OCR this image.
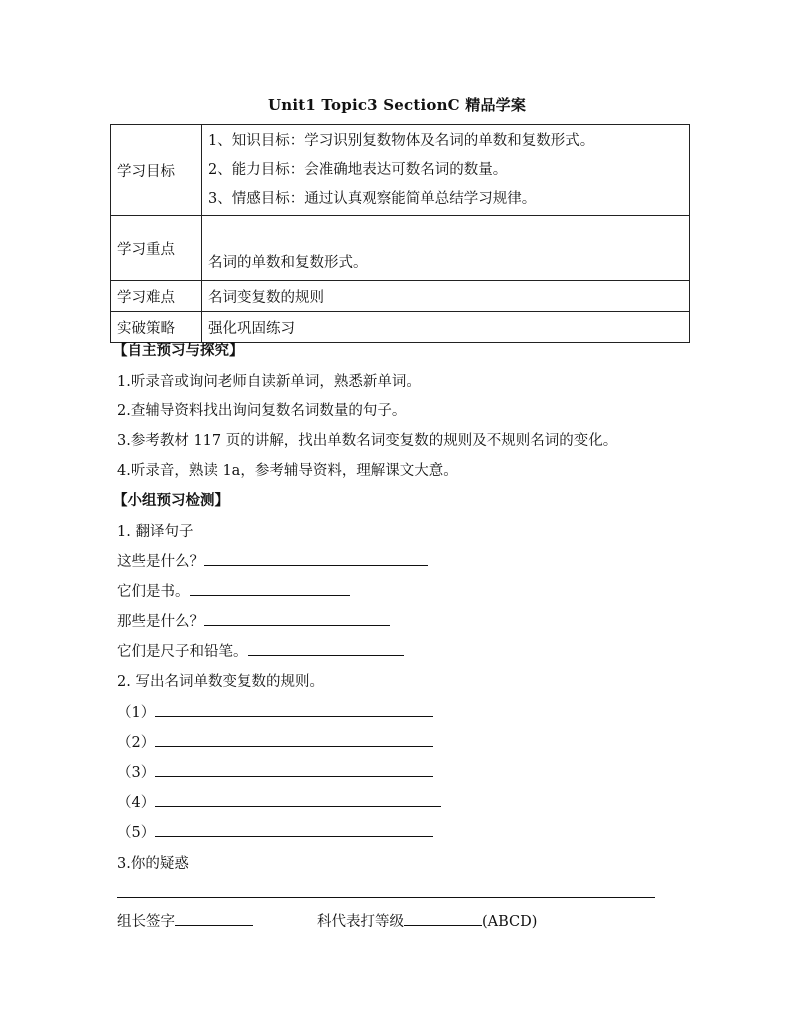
Unit1 Topic3 SectionC 精品学案
学习目标	1、知识目标：学习识别复数物体及名词的单数和复数形式。
2、能力目标：会准确地表达可数名词的数量。
3、情感目标：通过认真观察能简单总结学习规律。

学习重点	名词的单数和复数形式。
学习难点	名词变复数的规则
实破策略	强化巩固练习
【自主预习与探究】
1.听录音或询问老师自读新单词，熟悉新单词。
2.查辅导资料找出询问复数名词数量的句子。
3.参考教材 117 页的讲解，找出单数名词变复数的规则及不规则名词的变化。
4.听录音，熟读 1a，参考辅导资料，理解课文大意。
【小组预习检测】
1. 翻译句子
这些是什么？
它们是书。
那些是什么？
它们是尺子和铅笔。
2. 写出名词单数变复数的规则。
（1）
（2）
（3）
（4）
（5）
3.你的疑惑
组长签字	科代表打等级	(ABCD)
